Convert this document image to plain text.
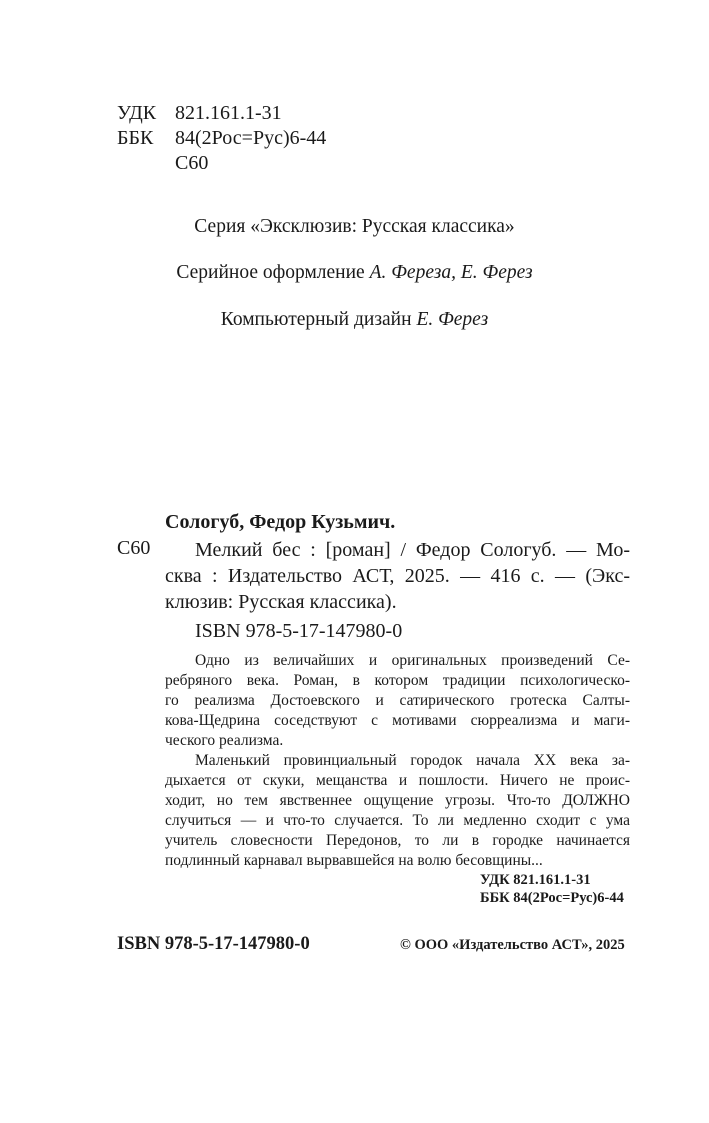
УДК 821.161.1-31
ББК	84(2Рос=Рус)6-44
С60
Серия «Эксклюзив: Русская классика»
Серийное оформление А. Фереза, Е. Ферез
Компьютерный дизайн Е. Ферез
Сологуб, Федор Кузьмич.
С60	Мелкий бес : [роман] / Федор Сологуб. — Мо-
сква : Издательство АСТ, 2025. — 416 с. — (Экс-
клюзив: Русская классика).
ISBN 978-5-17-147980-0
Одно из величайших и оригинальных произведений Се-
ребряного века. Роман, в котором традиции психологическо-
го реализма Достоевского и сатирического гротеска Салты-
кова-Щедрина соседствуют с мотивами сюрреализма и маги-
ческого реализма.
Маленький провинциальный городок начала XX века за-
дыхается от скуки, мещанства и пошлости. Ничего не проис-
ходит, но тем явственнее ощущение угрозы. Что-то ДОЛЖНО
случиться — и что-то случается. То ли медленно сходит с ума
учитель словесности Передонов, то ли в городке начинается
подлинный карнавал вырвавшейся на волю бесовщины...
УДК 821.161.1-31
ББК 84(2Рос=Рус)6-44
ISBN 978-5-17-147980-0	© ООО «Издательство АСТ», 2025
